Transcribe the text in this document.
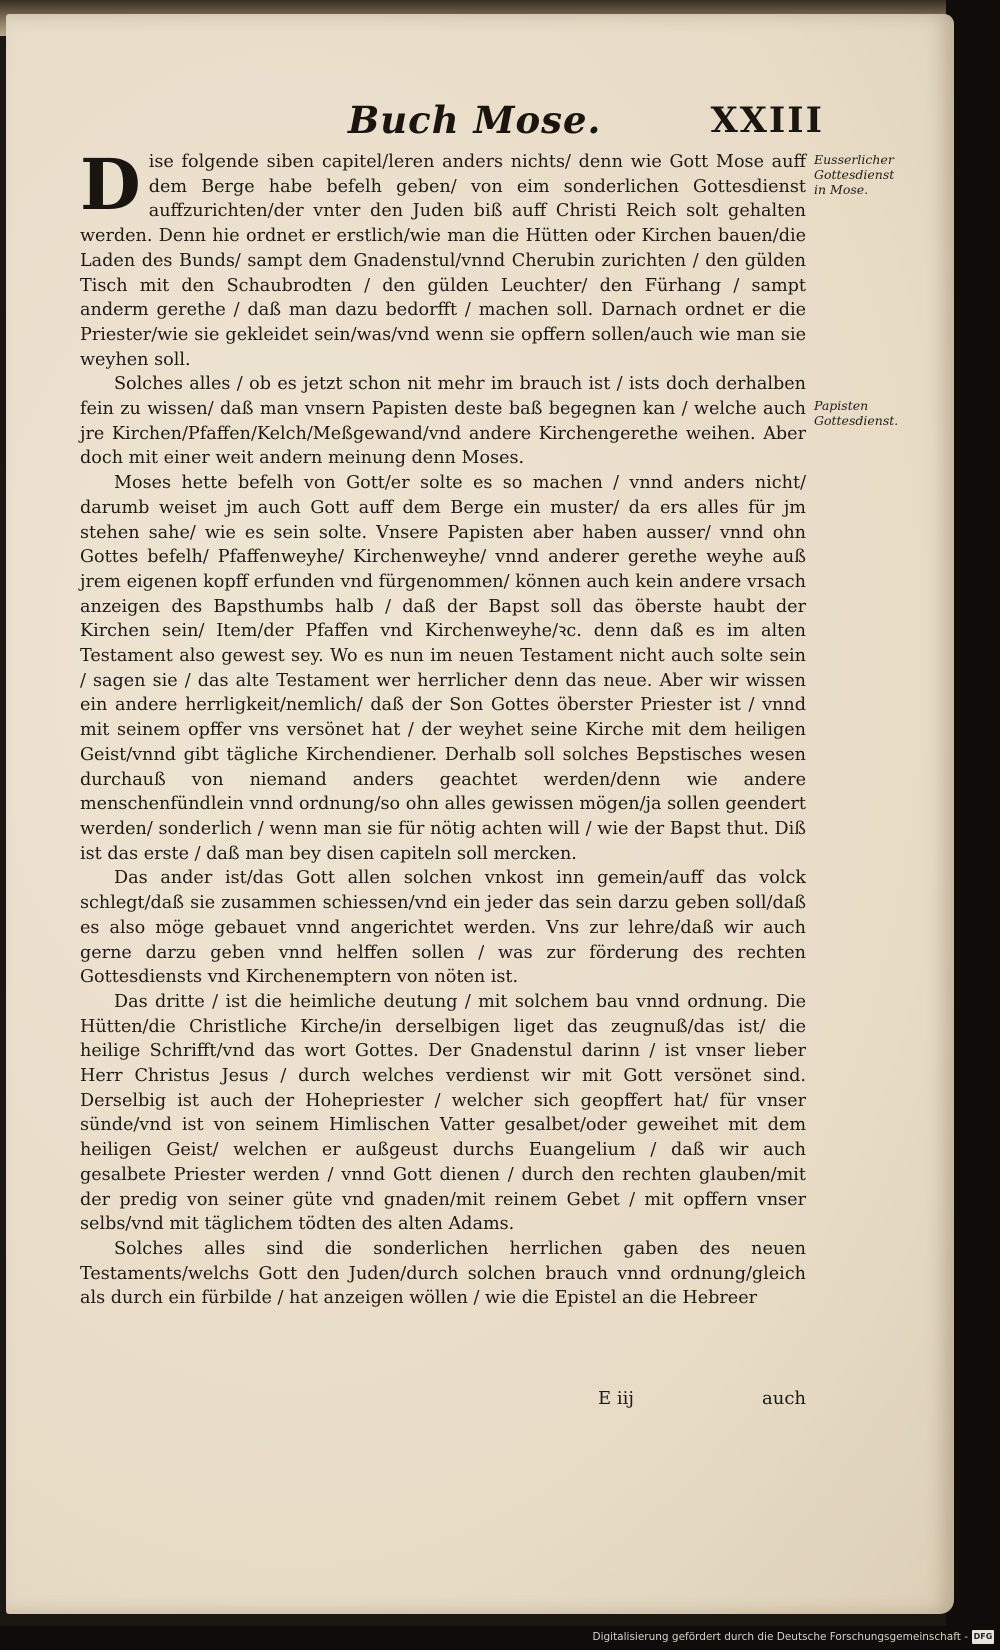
Buch Mose.	XXIII

Dise folgende siben capitel/leren anders nichts/ denn wie Gott Mose auff dem Berge habe befelh geben/ von eim sonderlichen Gottesdienst auffzurichten/der vnter den Juden biß auff Christi Reich solt gehalten werden. Denn hie ordnet er erstlich/wie man die Hütten oder Kirchen bauen/die Laden des Bunds/ sampt dem Gnadenstul/vnnd Cherubin zurichten / den gülden Tisch mit den Schaubrodten / den gülden Leuchter/ den Fürhang / sampt anderm gerethe / daß man dazu bedorfft / machen soll. Darnach ordnet er die Priester/wie sie gekleidet sein/was/vnd wenn sie opffern sollen/auch wie man sie weyhen soll.

Solches alles / ob es jetzt schon nit mehr im brauch ist / ists doch derhalben fein zu wissen/ daß man vnsern Papisten deste baß begegnen kan / welche auch jre Kirchen/Pfaffen/Kelch/Meßgewand/vnd andere Kirchengerethe weihen. Aber doch mit einer weit andern meinung denn Moses.

Moses hette befelh von Gott/er solte es so machen / vnnd anders nicht/ darumb weiset jm auch Gott auff dem Berge ein muster/ da ers alles für jm stehen sahe/ wie es sein solte. Vnsere Papisten aber haben ausser/ vnnd ohn Gottes befelh/ Pfaffenweyhe/ Kirchenweyhe/ vnnd anderer gerethe weyhe auß jrem eigenen kopff erfunden vnd fürgenommen/ können auch kein andere vrsach anzeigen des Bapsthumbs halb / daß der Bapst soll das öberste haubt der Kirchen sein/ Item/der Pfaffen vnd Kirchenweyhe/ꝛc. denn daß es im alten Testament also gewest sey. Wo es nun im neuen Testament nicht auch solte sein / sagen sie / das alte Testament wer herrlicher denn das neue. Aber wir wissen ein andere herrligkeit/nemlich/ daß der Son Gottes öberster Priester ist / vnnd mit seinem opffer vns versönet hat / der weyhet seine Kirche mit dem heiligen Geist/vnnd gibt tägliche Kirchendiener. Derhalb soll solches Bepstisches wesen durchauß von niemand anders geachtet werden/denn wie andere menschenfündlein vnnd ordnung/so ohn alles gewissen mögen/ja sollen geendert werden/ sonderlich / wenn man sie für nötig achten will / wie der Bapst thut. Diß ist das erste / daß man bey disen capiteln soll mercken.

Das ander ist/das Gott allen solchen vnkost inn gemein/auff das volck schlegt/daß sie zusammen schiessen/vnd ein jeder das sein darzu geben soll/daß es also möge gebauet vnnd angerichtet werden. Vns zur lehre/daß wir auch gerne darzu geben vnnd helffen sollen / was zur förderung des rechten Gottesdiensts vnd Kirchenemptern von nöten ist.

Das dritte / ist die heimliche deutung / mit solchem bau vnnd ordnung. Die Hütten/die Christliche Kirche/in derselbigen liget das zeugnuß/das ist/ die heilige Schrifft/vnd das wort Gottes. Der Gnadenstul darinn / ist vnser lieber Herr Christus Jesus / durch welches verdienst wir mit Gott versönet sind. Derselbig ist auch der Hohepriester / welcher sich geopffert hat/ für vnser sünde/vnd ist von seinem Himlischen Vatter gesalbet/oder geweihet mit dem heiligen Geist/ welchen er außgeust durchs Euangelium / daß wir auch gesalbete Priester werden / vnnd Gott dienen / durch den rechten glauben/mit der predig von seiner güte vnd gnaden/mit reinem Gebet / mit opffern vnser selbs/vnd mit täglichem tödten des alten Adams.

Solches alles sind die sonderlichen herrlichen gaben des neuen Testaments/welchs Gott den Juden/durch solchen brauch vnnd ordnung/gleich als durch ein fürbilde / hat anzeigen wöllen / wie die Epistel an die Hebreer

E iij	auch
Eusserlicher
Gottesdienst
in Mose.
Papisten
Gottesdienst.
Digitalisierung gefördert durch die Deutsche Forschungsgemeinschaft - DFG
